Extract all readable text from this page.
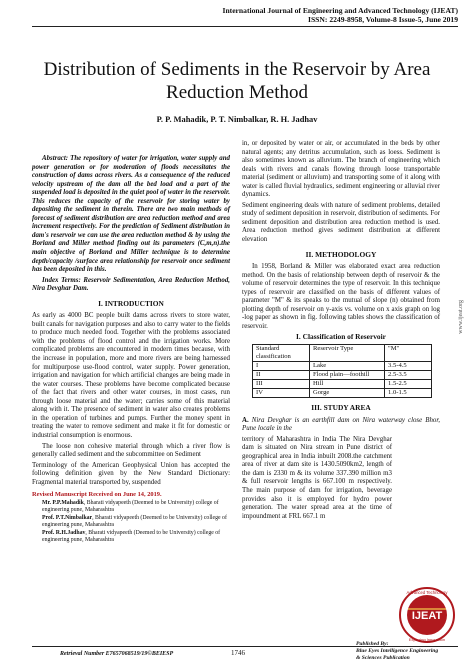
International Journal of Engineering and Advanced Technology (IJEAT)
ISSN: 2249-8958, Volume-8 Issue-5, June 2019
Distribution of Sediments in the Reservoir by Area Reduction Method
P. P. Mahadik, P. T. Nimbalkar, R. H. Jadhav

Abstract: The repository of water for irrigation, water supply and power generation or for moderation of floods necessitates the construction of dams across rivers. As a consequence of the reduced velocity upstream of the dam all the bed load and a part of the suspended load is deposited in the quiet pool of water in the reservoir. This reduces the capacity of the reservoir for storing water by depositing the sediment in therein. There are two main methods of forecast of sediment distribution are area reduction method and area increment respectively. For the prediction of Sediment distribution in dam's reservoir we can use the area reduction method & by using the Borland and Miller method finding out its parameters (C,m,n).the main objective of Borland and Miller technique is to determine depth/capacity /surface area relationship for reservoir once sediment has been deposited in this.

Index Terms: Reservoir Sedimentation, Area Reduction Method, Nira Devghar Dam.

I. INTRODUCTION

As early as 4000 BC people built dams across rivers to store water, built canals for navigation purposes and also to carry water to the fields to produce much needed food. Together with the problems associated with the problems of flood control and the irrigation works. More complicated problems are encountered in modern times because, with the increase in population, more and more rivers are being harnessed for multipurpose use-flood control, water supply. Power generation, irrigation and navigation for which artificial changes are being made in the water courses. These problems have become complicated because of the fact that rivers and other water courses, in most cases, run through loose material and the water; carries some of this material along with it. The presence of sediment in water also creates problems in the operation of turbines and pumps. Further the money spent in treating the water to remove sediment and make it fit for domestic or industrial consumption is enormous.

The loose non cohesive material through which a river flow is generally called sediment and the subcommittee on Sediment

Terminology of the American Geophysical Union has accepted the following definition given by the New Standard Dictionary: Fragmental material transported by, suspended

Revised Manuscript Received on June 14, 2019.
Mr. P.P.Mahadik, Bharati vidyapeeth (Deemed to be University) college of engineering pune, Maharashtra
Prof. P.T.Nimbalkar, Bharati vidyapeeth (Deemed to be University) college of engineering pune, Maharashtra
Prof. R.H.Jadhav, Bharati vidyapeeth (Deemed to be University) college of engineering pune, Maharashtra

in, or deposited by water or air, or accumulated in the beds by other natural agents; any detritus accumulation, such as loess. Sediment is also sometimes known as alluvium. The branch of engineering which deals with rivers and canals flowing through loose transportable material (sediment or alluvium) and transporting some of it along with water is called fluvial hydraulics, sediment engineering or alluvial river dynamics.

Sediment engineering deals with nature of sediment problems, detailed study of sediment deposition in reservoir, distribution of sediments. For sediment deposition and distribution area reduction method is used. Area reduction method gives sediment distribution at different elevation

II. METHODOLOGY

In 1958, Borland & Miller was elaborated exact area reduction method. On the basis of relationship between depth of reservoir & the volume of reservoir determines the type of reservoir. In this technique types of reservoir are classified on the basis of different values of parameter "M" & its speaks to the mutual of slope (n) obtained from plotting depth of reservoir on y-axis vs. volume on x axis graph on log -log paper as shown in fig. following tables shows the classification of reservoir.

I. Classification of Reservoir
Standard classification	Reservoir Type	"M"
I	Lake	3.5-4.5
II	Flood plain—foothill	2.5-3.5
III	Hill	1.5-2.5
IV	Gorge	1.0-1.5
III. STUDY AREA

A. Nira Devghar is an earthfill dam on Nira waterway close Bhor, Pune locale in the

territory of Maharashtra in India The Nira Devghar dam is situated on Nira stream in Pune district of geographical area in India inbuilt 2008.the catchment area of river at dam site is 1430.5090km2, length of the dam is 2330 m & its volume 337.390 million m3 & full reservoir lengths is 667.100 m respectively. The main purpose of dam for irrigation, beverage provides also it is employed for hydro power generation. The water spread area at the time of impoundment at FRL 667.1 m

IJEAT
Advanced Technology
Exploring Innovation
www.ijeat.org
Retrieval Number E7657068519/19©BEIESP	1746
Published By:
Blue Eyes Intelligence Engineering
& Sciences Publication
